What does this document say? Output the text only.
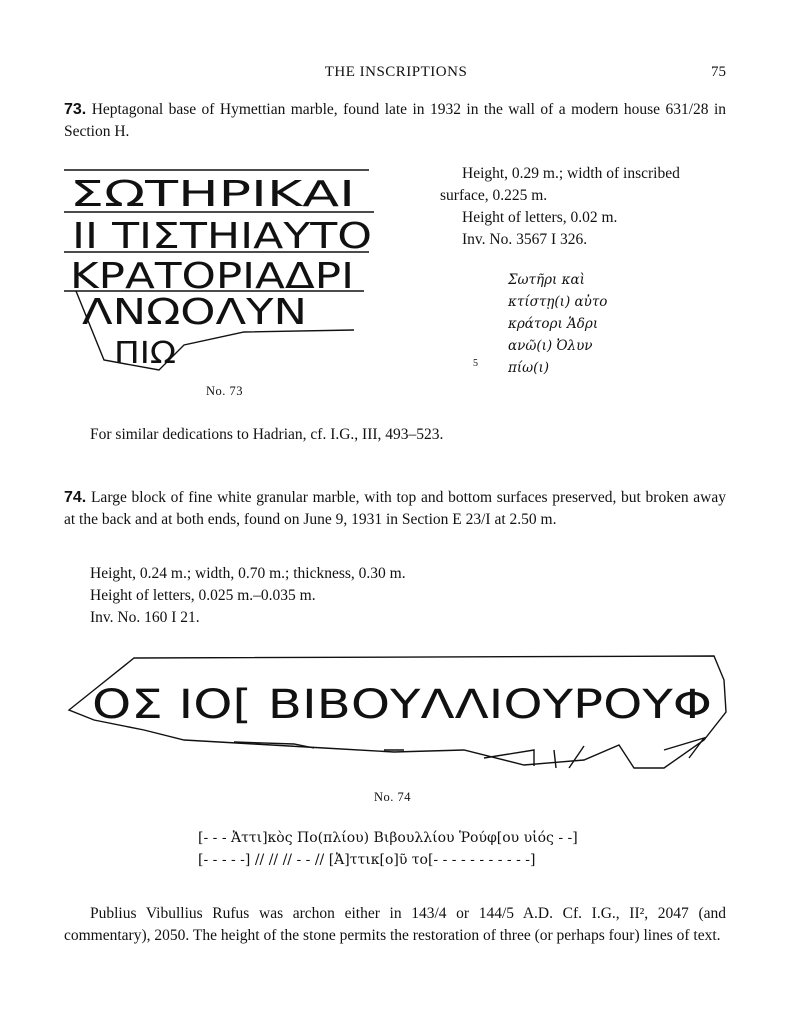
THE INSCRIPTIONS	75
73. Heptagonal base of Hymettian marble, found late in 1932 in the wall of a modern house 631/28 in Section H.
ΣΩΤΗΡΙΚΑΙ
ΙΙ ΤΙΣΤΗΙΑΥΤΟ
ΚΡΑΤΟΡΙΑΔΡΙ
ΛΝΩΟΛΥΝ
ΠΙΩ
No. 73
Height, 0.29 m.; width of inscribed
surface, 0.225 m.
Height of letters, 0.02 m.
Inv. No. 3567 I 326.
Σωτῆρι καὶ
κτίστῃ(ι) αὐτο
κράτορι Ἁδρι
ανῶ(ι) Ὀλυν
πίω(ι)
5
For similar dedications to Hadrian, cf. I.G., III, 493–523.
74. Large block of fine white granular marble, with top and bottom surfaces preserved, but broken away at the back and at both ends, found on June 9, 1931 in Section E 23/I at 2.50 m.
Height, 0.24 m.; width, 0.70 m.; thickness, 0.30 m.
Height of letters, 0.025 m.–0.035 m.
Inv. No. 160 I 21.
ΟΣ ΙΟ[ ΒΙΒΟΥΛΛΙΟΥΡΟΥΦ
No. 74
[- - - Ἀττι]κὸς Πο(πλίου) Βιβουλλίου Ῥούφ[ου υἱός - -]
[- - - - -] // // // - - // [Ἀ]ττικ[ο]ῦ το[- - - - - - - - - - -]
Publius Vibullius Rufus was archon either in 143/4 or 144/5 A.D. Cf. I.G., II², 2047 (and commentary), 2050. The height of the stone permits the restoration of three (or perhaps four) lines of text.
